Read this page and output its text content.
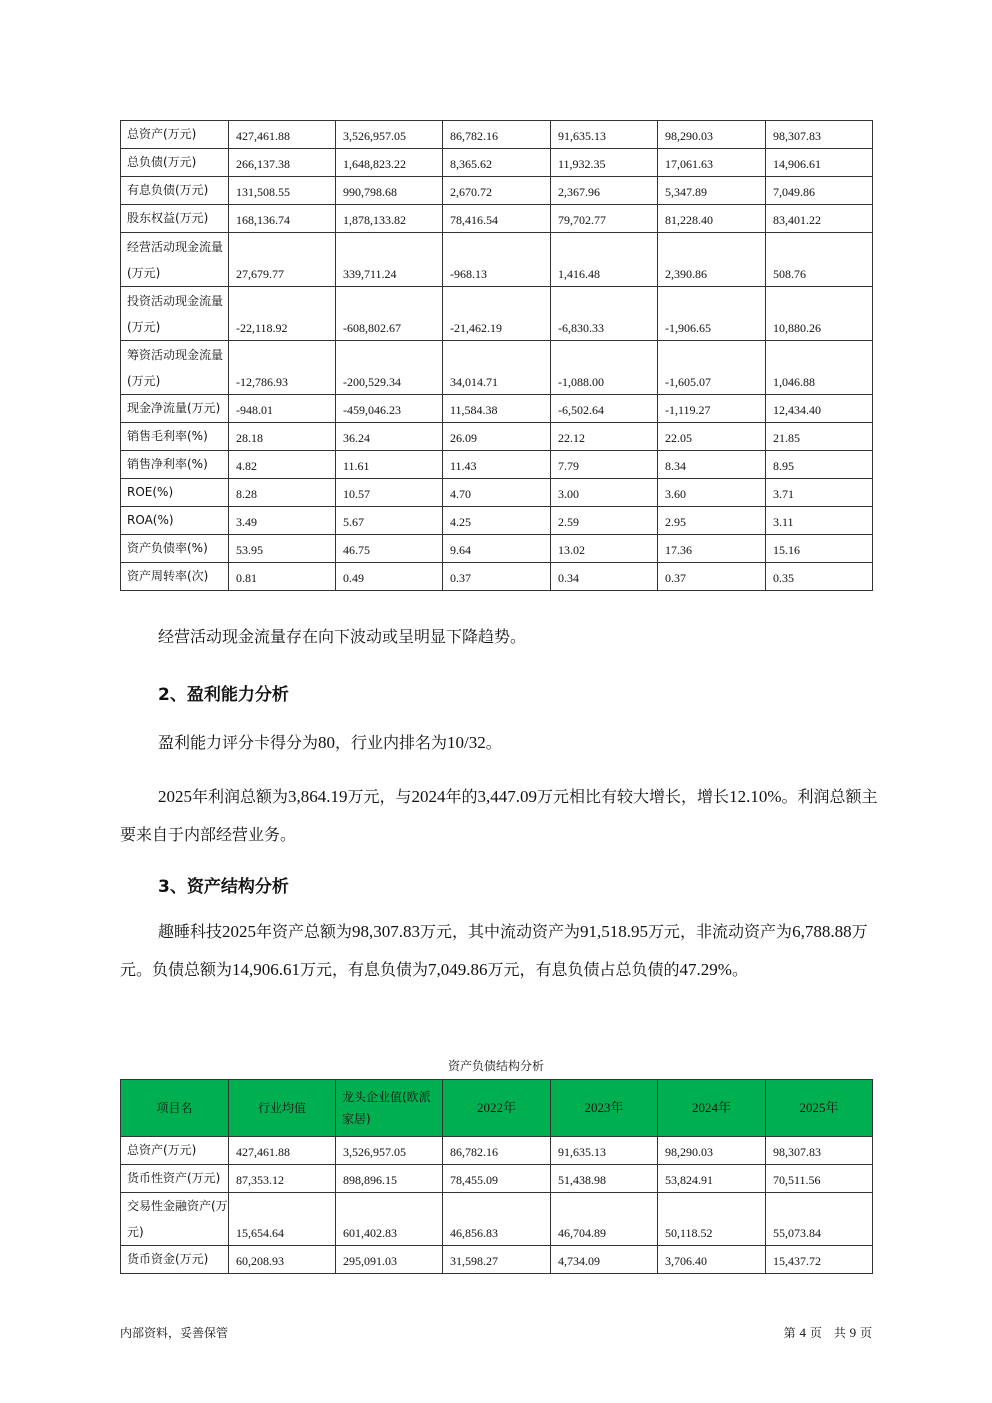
总资产(万元)	427,461.88	3,526,957.05	86,782.16	91,635.13	98,290.03	98,307.83
总负债(万元)	266,137.38	1,648,823.22	8,365.62	11,932.35	17,061.63	14,906.61
有息负债(万元)	131,508.55	990,798.68	2,670.72	2,367.96	5,347.89	7,049.86
股东权益(万元)	168,136.74	1,878,133.82	78,416.54	79,702.77	81,228.40	83,401.22
经营活动现金流量(万元)	27,679.77	339,711.24	-968.13	1,416.48	2,390.86	508.76
投资活动现金流量(万元)	-22,118.92	-608,802.67	-21,462.19	-6,830.33	-1,906.65	10,880.26
筹资活动现金流量(万元)	-12,786.93	-200,529.34	34,014.71	-1,088.00	-1,605.07	1,046.88
现金净流量(万元)	-948.01	-459,046.23	11,584.38	-6,502.64	-1,119.27	12,434.40
销售毛利率(%)	28.18	36.24	26.09	22.12	22.05	21.85
销售净利率(%)	4.82	11.61	11.43	7.79	8.34	8.95
ROE(%)	8.28	10.57	4.70	3.00	3.60	3.71
ROA(%)	3.49	5.67	4.25	2.59	2.95	3.11
资产负债率(%)	53.95	46.75	9.64	13.02	17.36	15.16
资产周转率(次)	0.81	0.49	0.37	0.34	0.37	0.35

经营活动现金流量存在向下波动或呈明显下降趋势。

2、盈利能力分析

盈利能力评分卡得分为80，行业内排名为10/32。

2025年利润总额为3,864.19万元，与2024年的3,447.09万元相比有较大增长，增长12.10%。利润总额主要来自于内部经营业务。

3、资产结构分析

趣睡科技2025年资产总额为98,307.83万元，其中流动资产为91,518.95万元，非流动资产为6,788.88万元。负债总额为14,906.61万元，有息负债为7,049.86万元，有息负债占总负债的47.29%。

资产负债结构分析
项目名	行业均值	龙头企业值(欧派家居)	2022年	2023年	2024年	2025年
总资产(万元)	427,461.88	3,526,957.05	86,782.16	91,635.13	98,290.03	98,307.83
货币性资产(万元)	87,353.12	898,896.15	78,455.09	51,438.98	53,824.91	70,511.56
交易性金融资产(万元)	15,654.64	601,402.83	46,856.83	46,704.89	50,118.52	55,073.84
货币资金(万元)	60,208.93	295,091.03	31,598.27	4,734.09	3,706.40	15,437.72
内部资料，妥善保管	第 4 页　共 9 页
